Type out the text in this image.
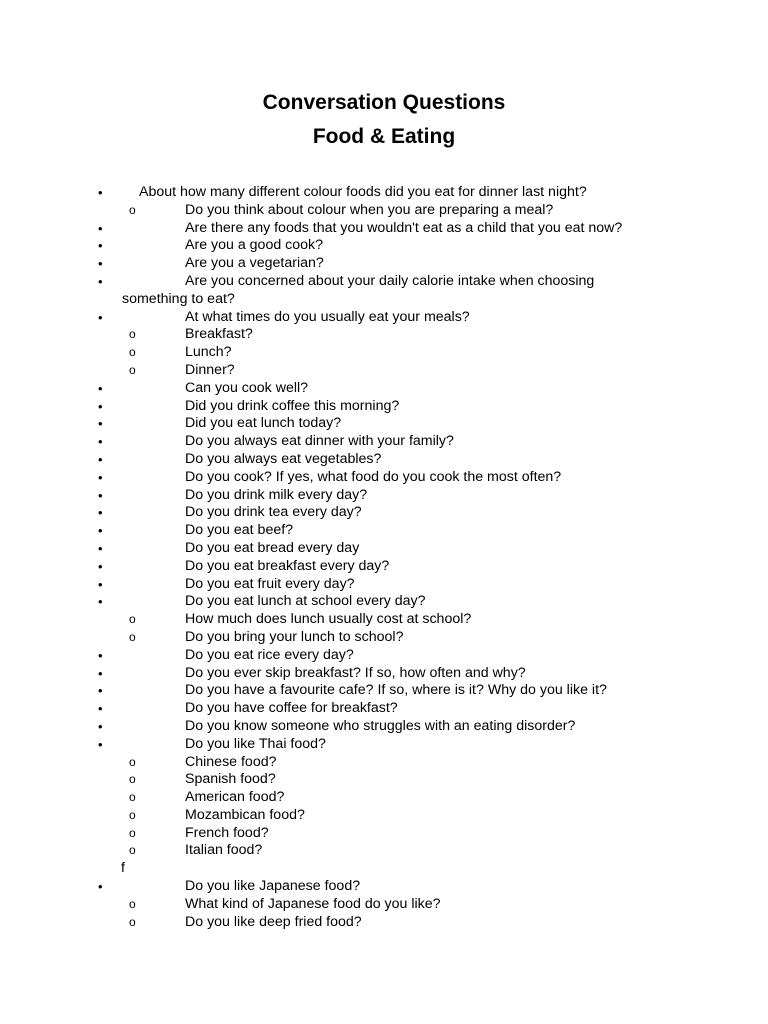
Conversation Questions
Food & Eating
•	About how many different colour foods did you eat for dinner last night?
o	Do you think about colour when you are preparing a meal?
•	Are there any foods that you wouldn't eat as a child that you eat now?
•	Are you a good cook?
•	Are you a vegetarian?
•	Are you concerned about your daily calorie intake when choosing
something to eat?
•	At what times do you usually eat your meals?
o	Breakfast?
o	Lunch?
o	Dinner?
•	Can you cook well?
•	Did you drink coffee this morning?
•	Did you eat lunch today?
•	Do you always eat dinner with your family?
•	Do you always eat vegetables?
•	Do you cook? If yes, what food do you cook the most often?
•	Do you drink milk every day?
•	Do you drink tea every day?
•	Do you eat beef?
•	Do you eat bread every day
•	Do you eat breakfast every day?
•	Do you eat fruit every day?
•	Do you eat lunch at school every day?
o	How much does lunch usually cost at school?
o	Do you bring your lunch to school?
•	Do you eat rice every day?
•	Do you ever skip breakfast? If so, how often and why?
•	Do you have a favourite cafe? If so, where is it? Why do you like it?
•	Do you have coffee for breakfast?
•	Do you know someone who struggles with an eating disorder?
•	Do you like Thai food?
o	Chinese food?
o	Spanish food?
o	American food?
o	Mozambican food?
o	French food?
o	Italian food?
f
•	Do you like Japanese food?
o	What kind of Japanese food do you like?
o	Do you like deep fried food?
